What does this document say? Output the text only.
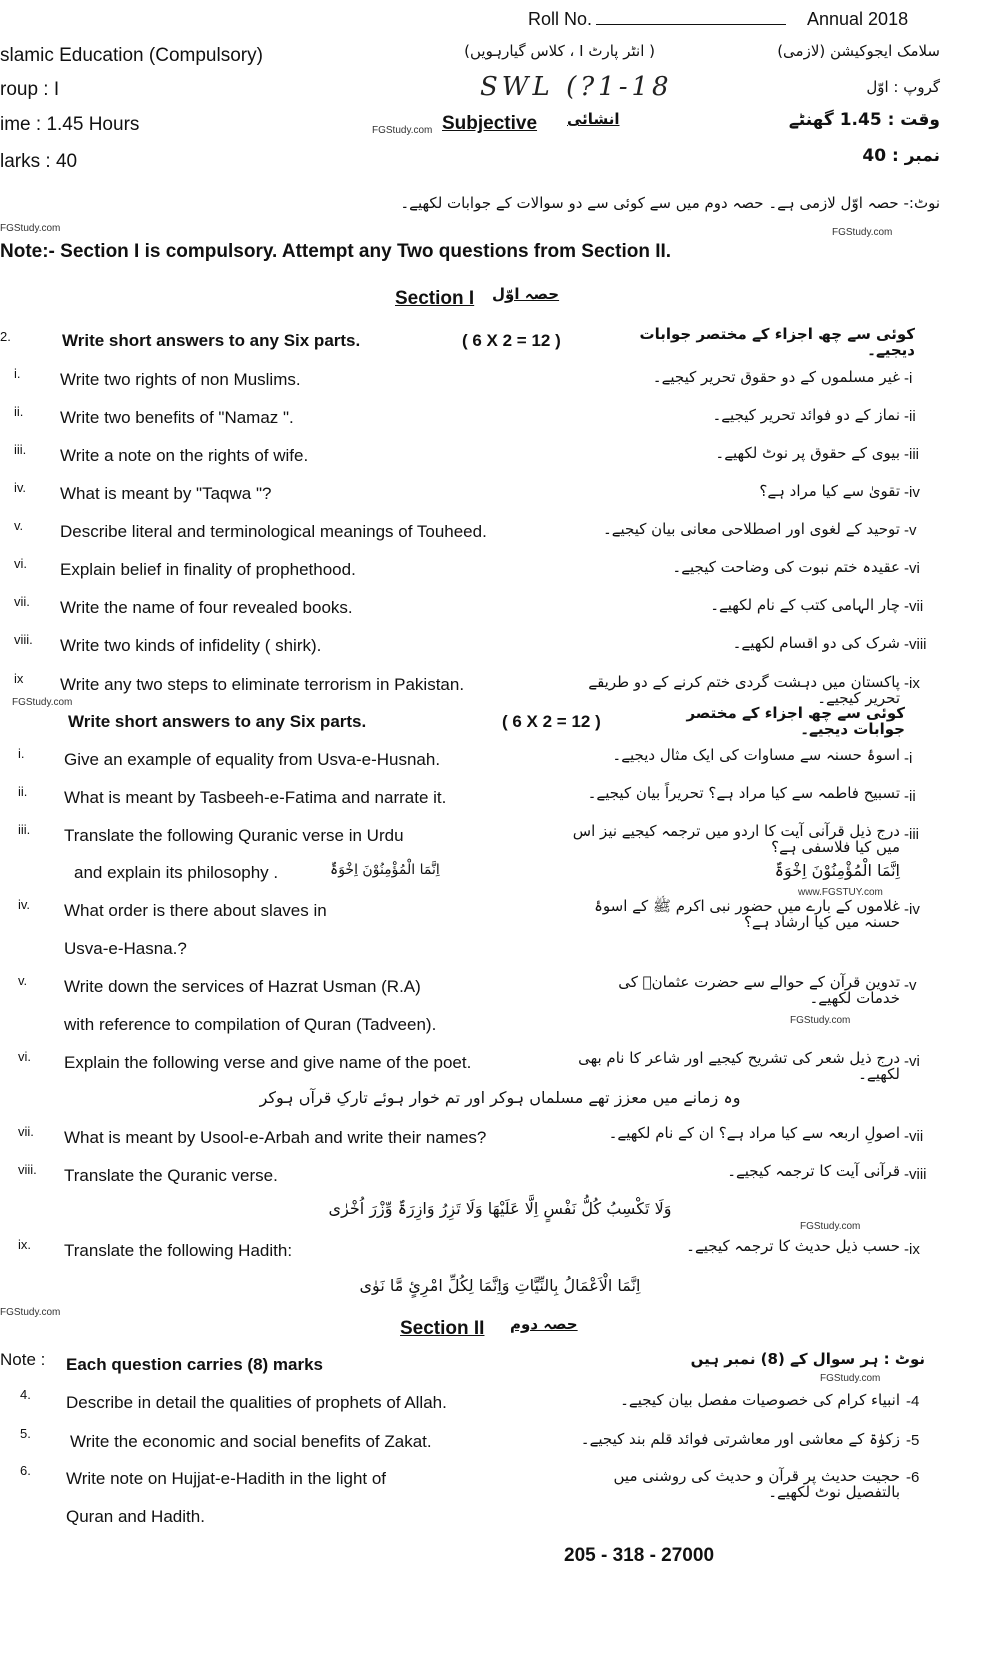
Roll No.	Annual 2018
slamic Education (Compulsory)	( انٹر پارٹ I ، کلاس گیارہویں)	سلامک ایجوکیشن (لازمی)
roup : I	SWL (?1-18	گروپ : اوّل
ime : 1.45 Hours	FGStudy.com Subjective انشائی	وقت : 1.45 گھنٹے
larks : 40	نمبر : 40
نوٹ:- حصہ اوّل لازمی ہے۔ حصہ دوم میں سے کوئی سے دو سوالات کے جوابات لکھیے۔
FGStudy.com	FGStudy.com
Note:- Section I is compulsory. Attempt any Two questions from Section II.
Section I حصہ اوّل
2.	Write short answers to any Six parts.	( 6 X 2 = 12 )	کوئی سے چھ اجزاء کے مختصر جوابات دیجیے۔
i. Write two rights of non Muslims.	غیر مسلموں کے دو حقوق تحریر کیجیے۔ -i
ii. Write two benefits of "Namaz ".	نماز کے دو فوائد تحریر کیجیے۔ -ii
iii. Write a note on the rights of wife.	بیوی کے حقوق پر نوٹ لکھیے۔ -iii
iv. What is meant by "Taqwa "?	تقویٰ سے کیا مراد ہے؟ -iv
v. Describe literal and terminological meanings of Touheed.	توحید کے لغوی اور اصطلاحی معانی بیان کیجیے۔ -v
vi. Explain belief in finality of prophethood.	عقیدہ ختم نبوت کی وضاحت کیجیے۔ -vi
vii. Write the name of four revealed books.	چار الہامی کتب کے نام لکھیے۔ -vii
viii. Write two kinds of infidelity ( shirk).	شرک کی دو اقسام لکھیے۔ -viii
ix Write any two steps to eliminate terrorism in Pakistan.	پاکستان میں دہشت گردی ختم کرنے کے دو طریقے تحریر کیجیے۔
-ix
FGStudy.com
Write short answers to any Six parts.	( 6 X 2 = 12 )	کوئی سے چھ اجزاء کے مختصر جوابات دیجیے۔
i. Give an example of equality from Usva-e-Husnah.	اسوۂ حسنہ سے مساوات کی ایک مثال دیجیے۔ -i
ii. What is meant by Tasbeeh-e-Fatima and narrate it.	تسبیح فاطمہ سے کیا مراد ہے؟ تحریراً بیان کیجیے۔ -ii
iii. Translate the following Quranic verse in Urdu	درج ذیل قرآنی آیت کا اردو میں ترجمہ کیجیے نیز اس میں کیا فلاسفی ہے؟
-iii
and explain its philosophy .	اِنَّمَا الْمُؤْمِنُوْنَ اِخْوَۃٌ
اِنَّمَا الْمُؤْمِنُوْنَ اِخْوَۃٌ
iv. What order is there about slaves in	غلاموں کے بارے میں حضور نبی اکرم ﷺ کے اسوۂ حسنہ میں کیا ارشاد ہے؟
-iv
Usva-e-Hasna.?
v. Write down the services of Hazrat Usman (R.A)	تدوین قرآن کے حوالے سے حضرت عثمانؓ کی خدمات لکھیے۔
-v
with reference to compilation of Quran (Tadveen).
vi. Explain the following verse and give name of the poet.	درج ذیل شعر کی تشریح کیجیے اور شاعر کا نام بھی لکھیے۔
-vi
وہ زمانے میں معزز تھے مسلماں ہوکر اور تم خوار ہوئے تارکِ قرآں ہوکر
vii. What is meant by Usool-e-Arbah and write their names?	اصولِ اربعہ سے کیا مراد ہے؟ ان کے نام لکھیے۔ -vii
viii. Translate the Quranic verse.	قرآنی آیت کا ترجمہ کیجیے۔ -viii
وَلَا تَکْسِبُ کُلُّ نَفْسٍ اِلَّا عَلَیْھَا وَلَا تَزِرُ وَازِرَۃٌ وِّزْرَ اُخْرٰی
ix. Translate the following Hadith:	حسب ذیل حدیث کا ترجمہ کیجیے۔ -ix
اِنَّمَا الْاَعْمَالُ بِالنِّیَّاتِ وَاِنَّمَا لِکُلِّ امْرِیٍٔ مَّا نَوٰی
FGStudy.com
www.FGSTUY.com
FGStudy.com
FGStudy.com
Section II حصہ دوم
Note : Each question carries (8) marks	نوٹ : ہر سوال کے (8) نمبر ہیں
FGStudy.com
4. Describe in detail the qualities of prophets of Allah.	انبیاء کرام کی خصوصیات مفصل بیان کیجیے۔ -4
5. Write the economic and social benefits of Zakat.	زکوٰۃ کے معاشی اور معاشرتی فوائد قلم بند کیجیے۔ -5
6. Write note on Hujjat-e-Hadith in the light of	حجیت حدیث پر قرآن و حدیث کی روشنی میں بالتفصیل نوٹ لکھیے۔
-6
Quran and Hadith.
205 - 318 - 27000
